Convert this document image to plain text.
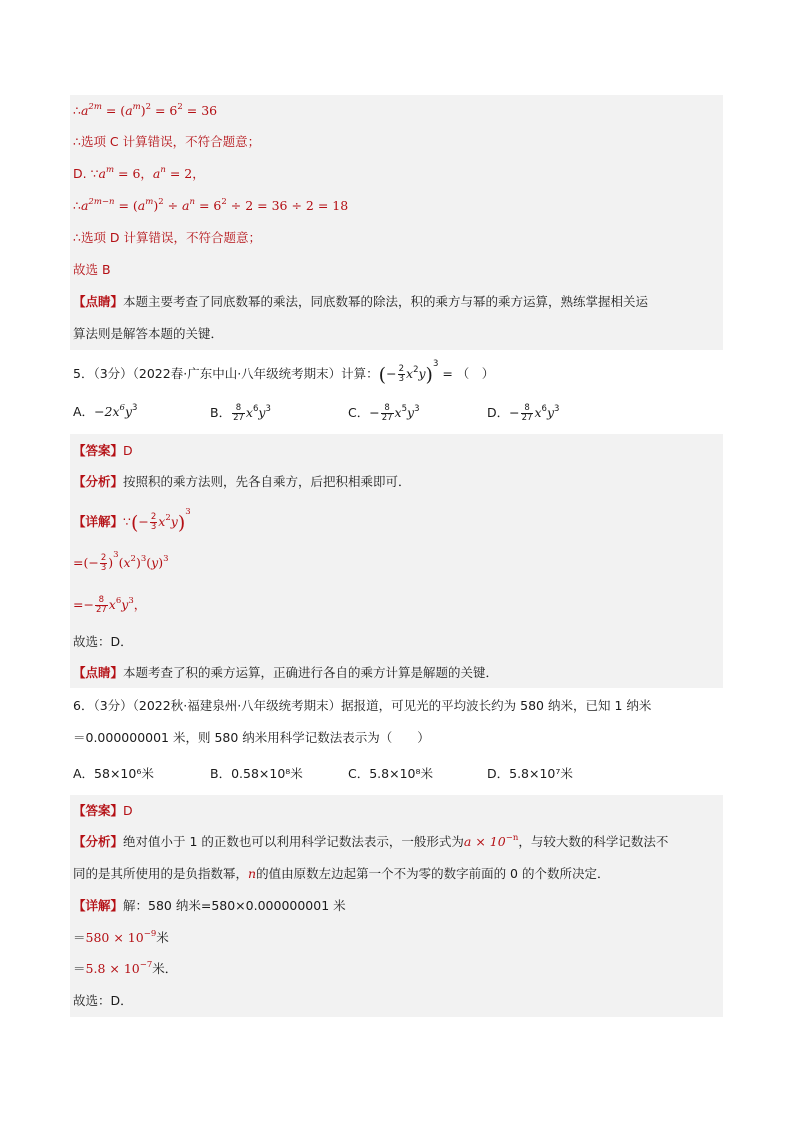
$\therefore a^{2m} = (a^m)^2 = 6^2 = 36$
∴选项 C 计算错误，不符合题意；
D. $\because a^m = 6$，$a^n = 2$，
$\therefore a^{2m-n} = (a^m)^2 \div a^n = 6^2 \div 2 = 36 \div 2 = 18$
∴选项 D 计算错误，不符合题意；
故选 B
【点睛】本题主要考查了同底数幂的乘法，同底数幂的除法，积的乘方与幂的乘方运算，熟练掌握相关运
算法则是解答本题的关键．
5．（3分）（2022春·广东中山·八年级统考期末）计算：(− $\frac{2}{3} x^2y)^3$ = （　）
A．$-2x^6y^3$	B． $\frac{8}{27} x^6y^3$	C．− $\frac{8}{27} x^5y^3$	D．− $\frac{8}{27} x^6y^3$
【答案】D
【分析】按照积的乘方法则，先各自乘方，后把积相乘即可．
【详解】∵(− $\frac{2}{3} x^2y)^3$
=(− $\frac{2}{3} )^3(x^2)^3(y)^3$
=− $\frac{8}{27} x^6y^3$，
故选：D．
【点睛】本题考查了积的乘方运算，正确进行各自的乘方计算是解题的关键．
6．（3分）（2022秋·福建泉州·八年级统考期末）据报道，可见光的平均波长约为 580 纳米，已知 1 纳米
＝0.000000001 米，则 580 纳米用科学记数法表示为（　　）
A．58×10⁶米	B．0.58×10⁸米	C．5.8×10⁸米	D．5.8×10⁷米
【答案】D
【分析】绝对值小于 1 的正数也可以利用科学记数法表示，一般形式为$a \times 10^{-n}$，与较大数的科学记数法不
同的是其所使用的是负指数幂，n的值由原数左边起第一个不为零的数字前面的 0 的个数所决定．
【详解】解：580 纳米=580×0.000000001 米
$=580 \times 10^{-9}$米
$=5.8 \times 10^{-7}$米．
故选：D．
